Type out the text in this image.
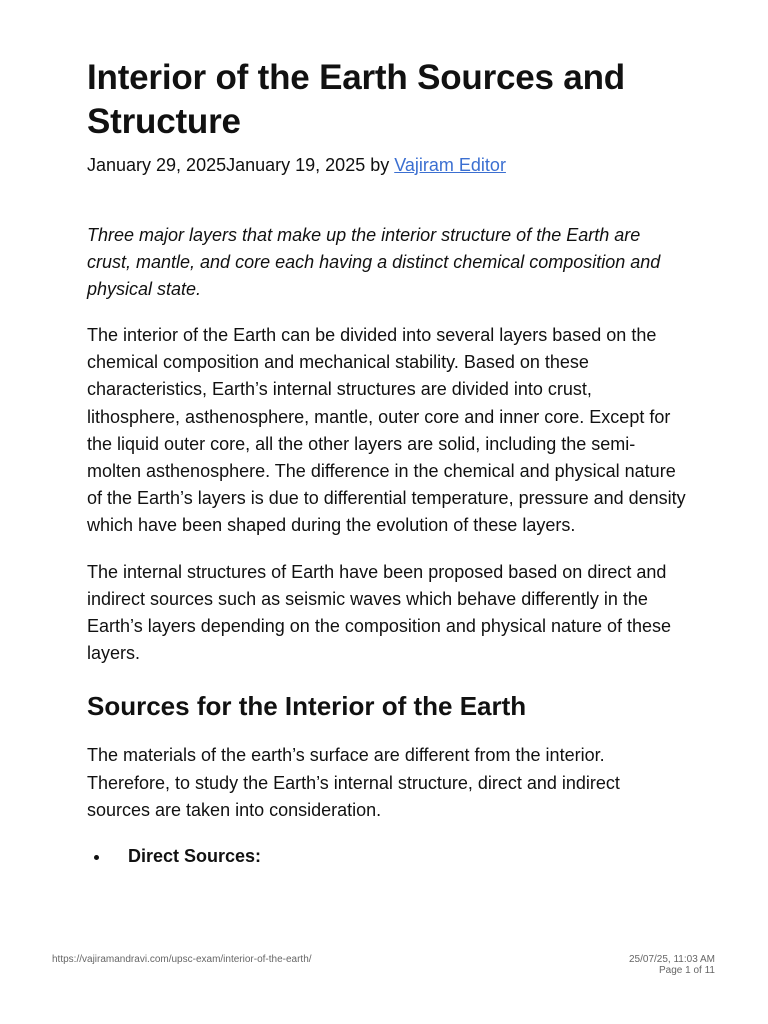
Interior of the Earth Sources and Structure
January 29, 2025January 19, 2025 by Vajiram Editor

Three major layers that make up the interior structure of the Earth are crust, mantle, and core each having a distinct chemical composition and physical state.

The interior of the Earth can be divided into several layers based on the chemical composition and mechanical stability. Based on these characteristics, Earth’s internal structures are divided into crust, lithosphere, asthenosphere, mantle, outer core and inner core. Except for the liquid outer core, all the other layers are solid, including the semi-molten asthenosphere. The difference in the chemical and physical nature of the Earth’s layers is due to differential temperature, pressure and density which have been shaped during the evolution of these layers.

The internal structures of Earth have been proposed based on direct and indirect sources such as seismic waves which behave differently in the Earth’s layers depending on the composition and physical nature of these layers.

Sources for the Interior of the Earth

The materials of the earth’s surface are different from the interior. Therefore, to study the Earth’s internal structure, direct and indirect sources are taken into consideration.

• Direct Sources:
https://vajiramandravi.com/upsc-exam/interior-of-the-earth/	25/07/25, 11:03 AM
Page 1 of 11
